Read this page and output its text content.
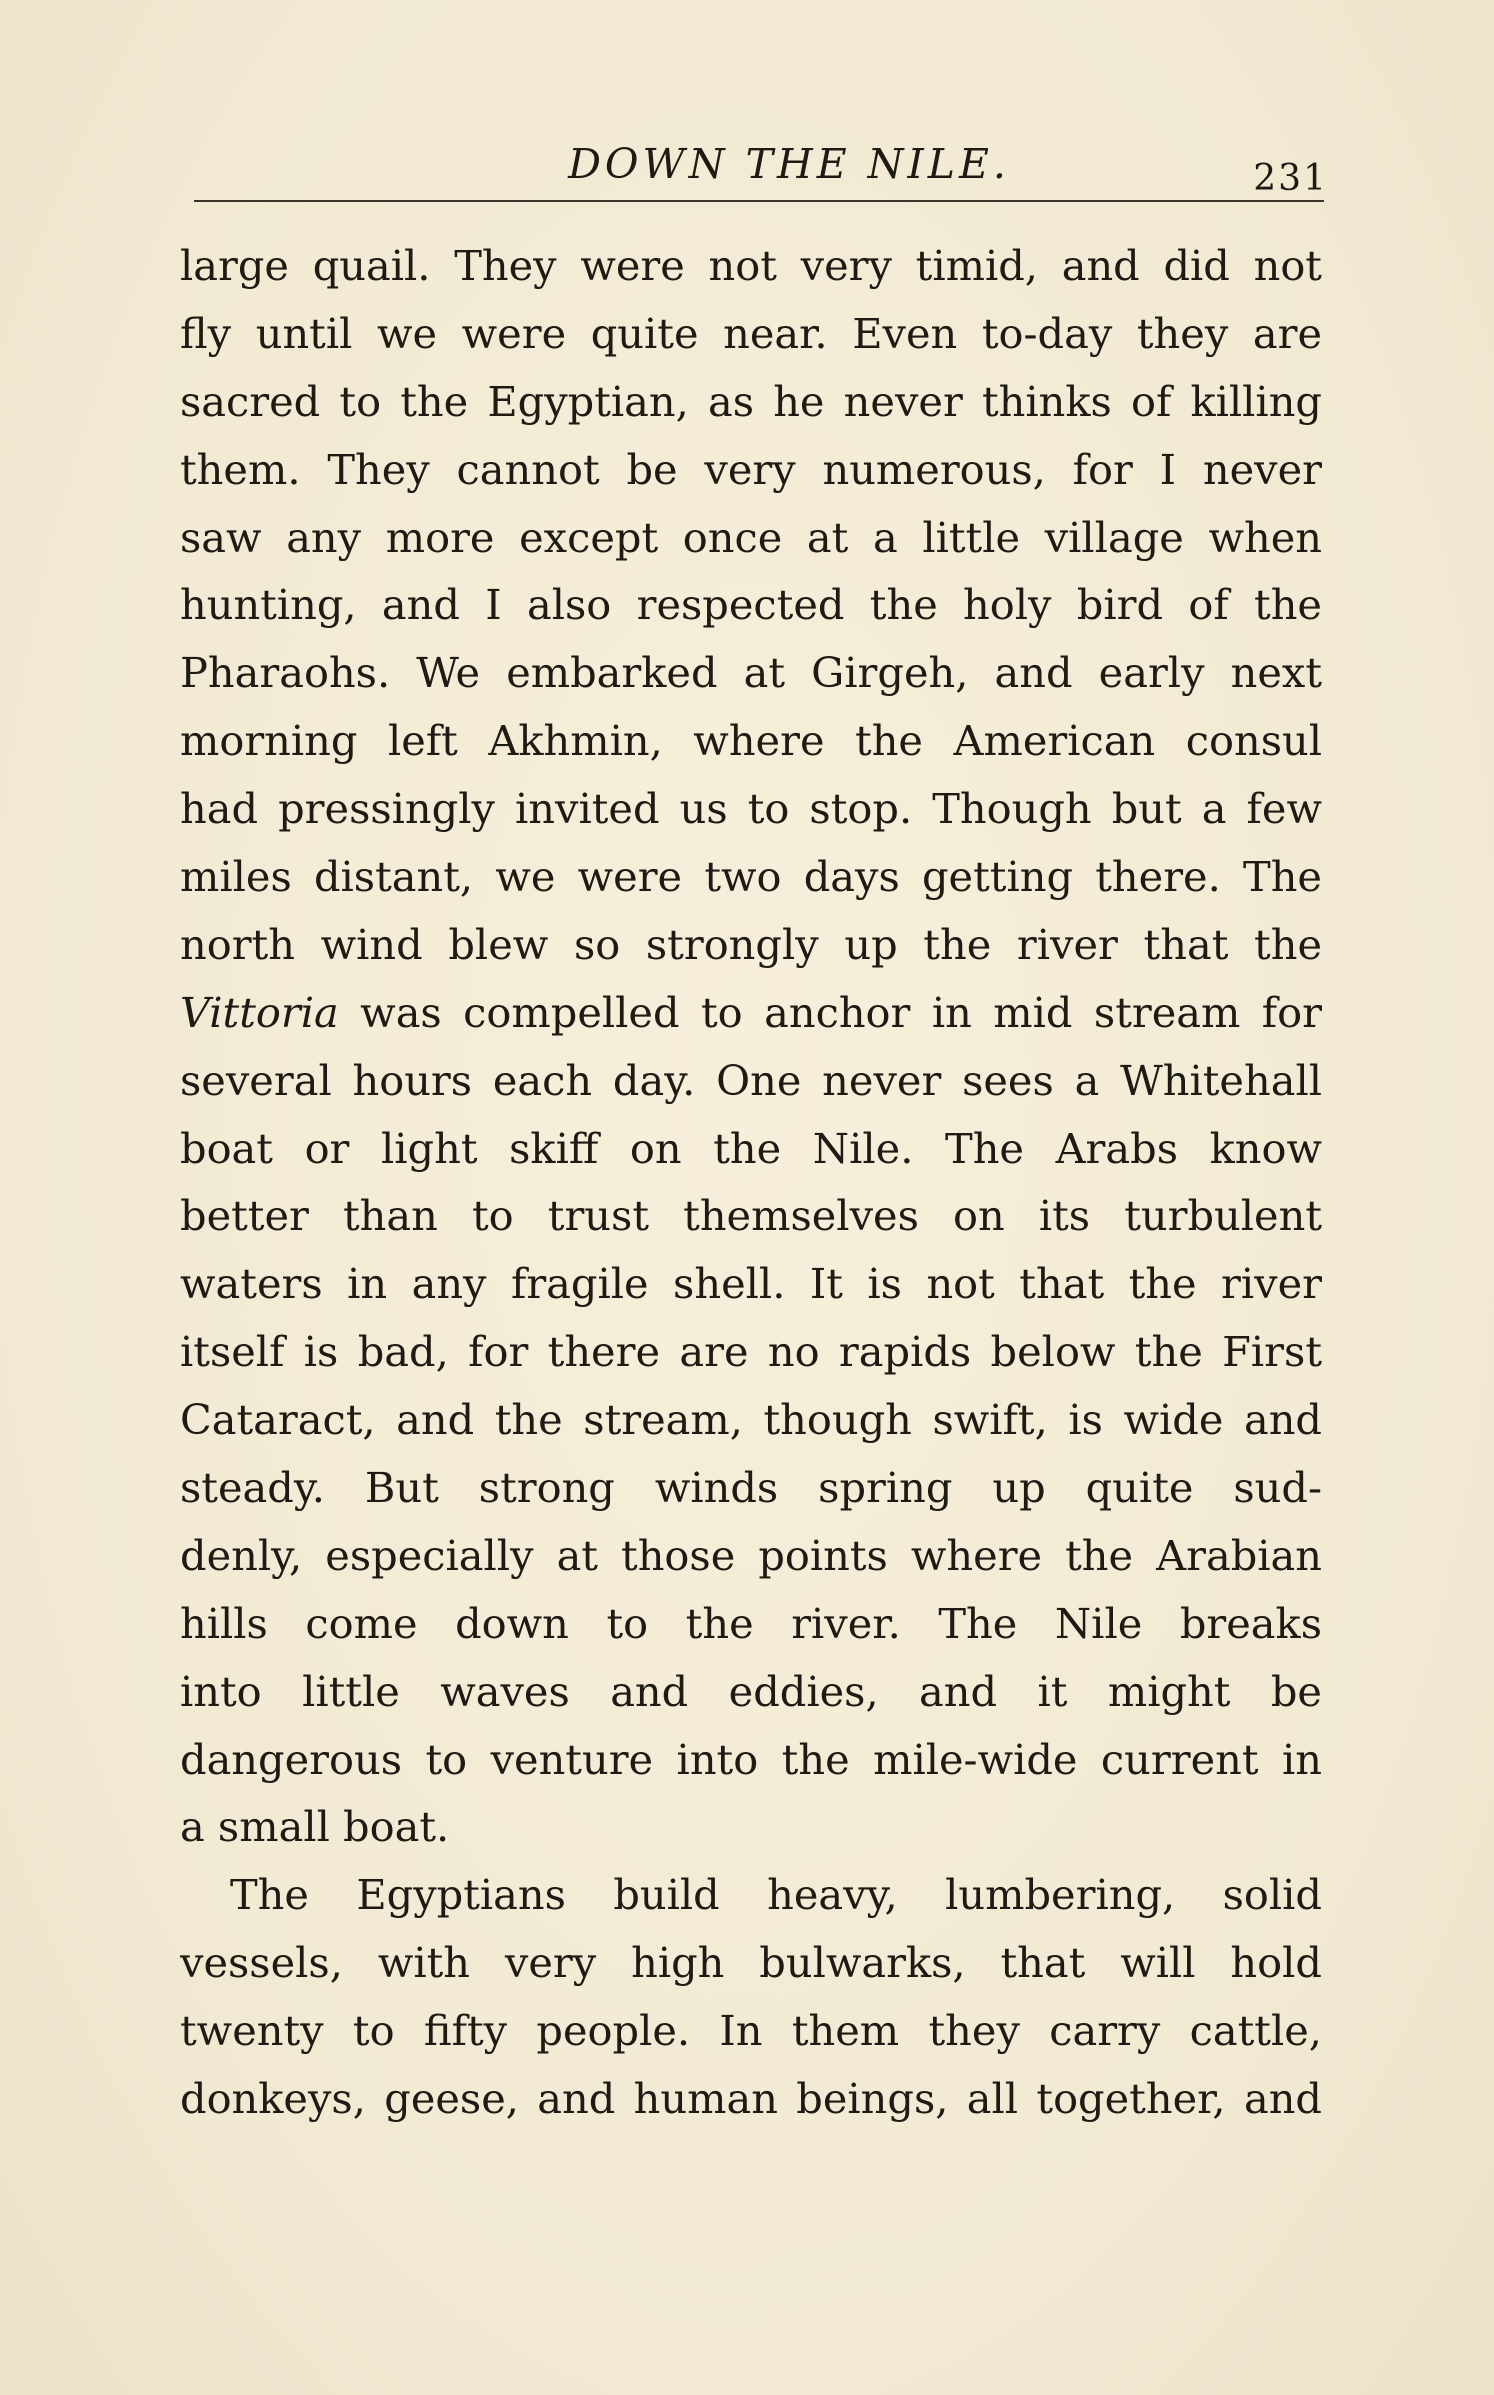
DOWN THE NILE.	231
large quail. They were not very timid, and did not
fly until we were quite near. Even to-day they are
sacred to the Egyptian, as he never thinks of killing
them. They cannot be very numerous, for I never
saw any more except once at a little village when
hunting, and I also respected the holy bird of the
Pharaohs. We embarked at Girgeh, and early next
morning left Akhmin, where the American consul
had pressingly invited us to stop. Though but a few
miles distant, we were two days getting there. The
north wind blew so strongly up the river that the
Vittoria was compelled to anchor in mid stream for
several hours each day. One never sees a Whitehall
boat or light skiff on the Nile. The Arabs know
better than to trust themselves on its turbulent
waters in any fragile shell. It is not that the river
itself is bad, for there are no rapids below the First
Cataract, and the stream, though swift, is wide and
steady. But strong winds spring up quite sud-
denly, especially at those points where the Arabian
hills come down to the river. The Nile breaks
into little waves and eddies, and it might be
dangerous to venture into the mile-wide current in
a small boat.
The Egyptians build heavy, lumbering, solid
vessels, with very high bulwarks, that will hold
twenty to fifty people. In them they carry cattle,
donkeys, geese, and human beings, all together, and
